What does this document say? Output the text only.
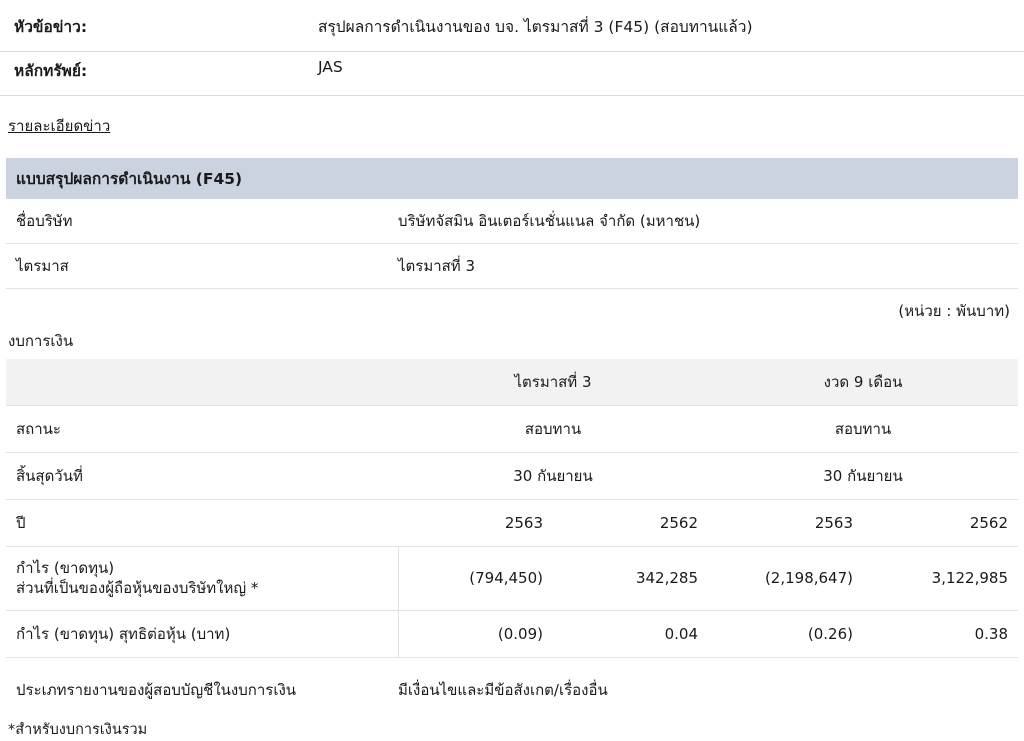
หัวข้อข่าว:	สรุปผลการดำเนินงานของ บจ. ไตรมาสที่ 3 (F45) (สอบทานแล้ว)
หลักทรัพย์:	JAS
รายละเอียดข่าว
แบบสรุปผลการดำเนินงาน (F45)
ชื่อบริษัท	บริษัทจัสมิน อินเตอร์เนชั่นแนล จำกัด (มหาชน)
ไตรมาส	ไตรมาสที่ 3
(หน่วย : พันบาท)
งบการเงิน
	ไตรมาสที่ 3		งวด 9 เดือน	
สถานะ	สอบทาน		สอบทาน	
สิ้นสุดวันที่	30 กันยายน		30 กันยายน	
ปี	2563	2562	2563	2562

กำไร (ขาดทุน)
ส่วนที่เป็นของผู้ถือหุ้นของบริษัทใหญ่ *	(794,450)	342,285	(2,198,647)	3,122,985
กำไร (ขาดทุน) สุทธิต่อหุ้น (บาท)	(0.09)	0.04	(0.26)	0.38
ประเภทรายงานของผู้สอบบัญชีในงบการเงิน	มีเงื่อนไขและมีข้อสังเกต/เรื่องอื่น
*สำหรับงบการเงินรวม
